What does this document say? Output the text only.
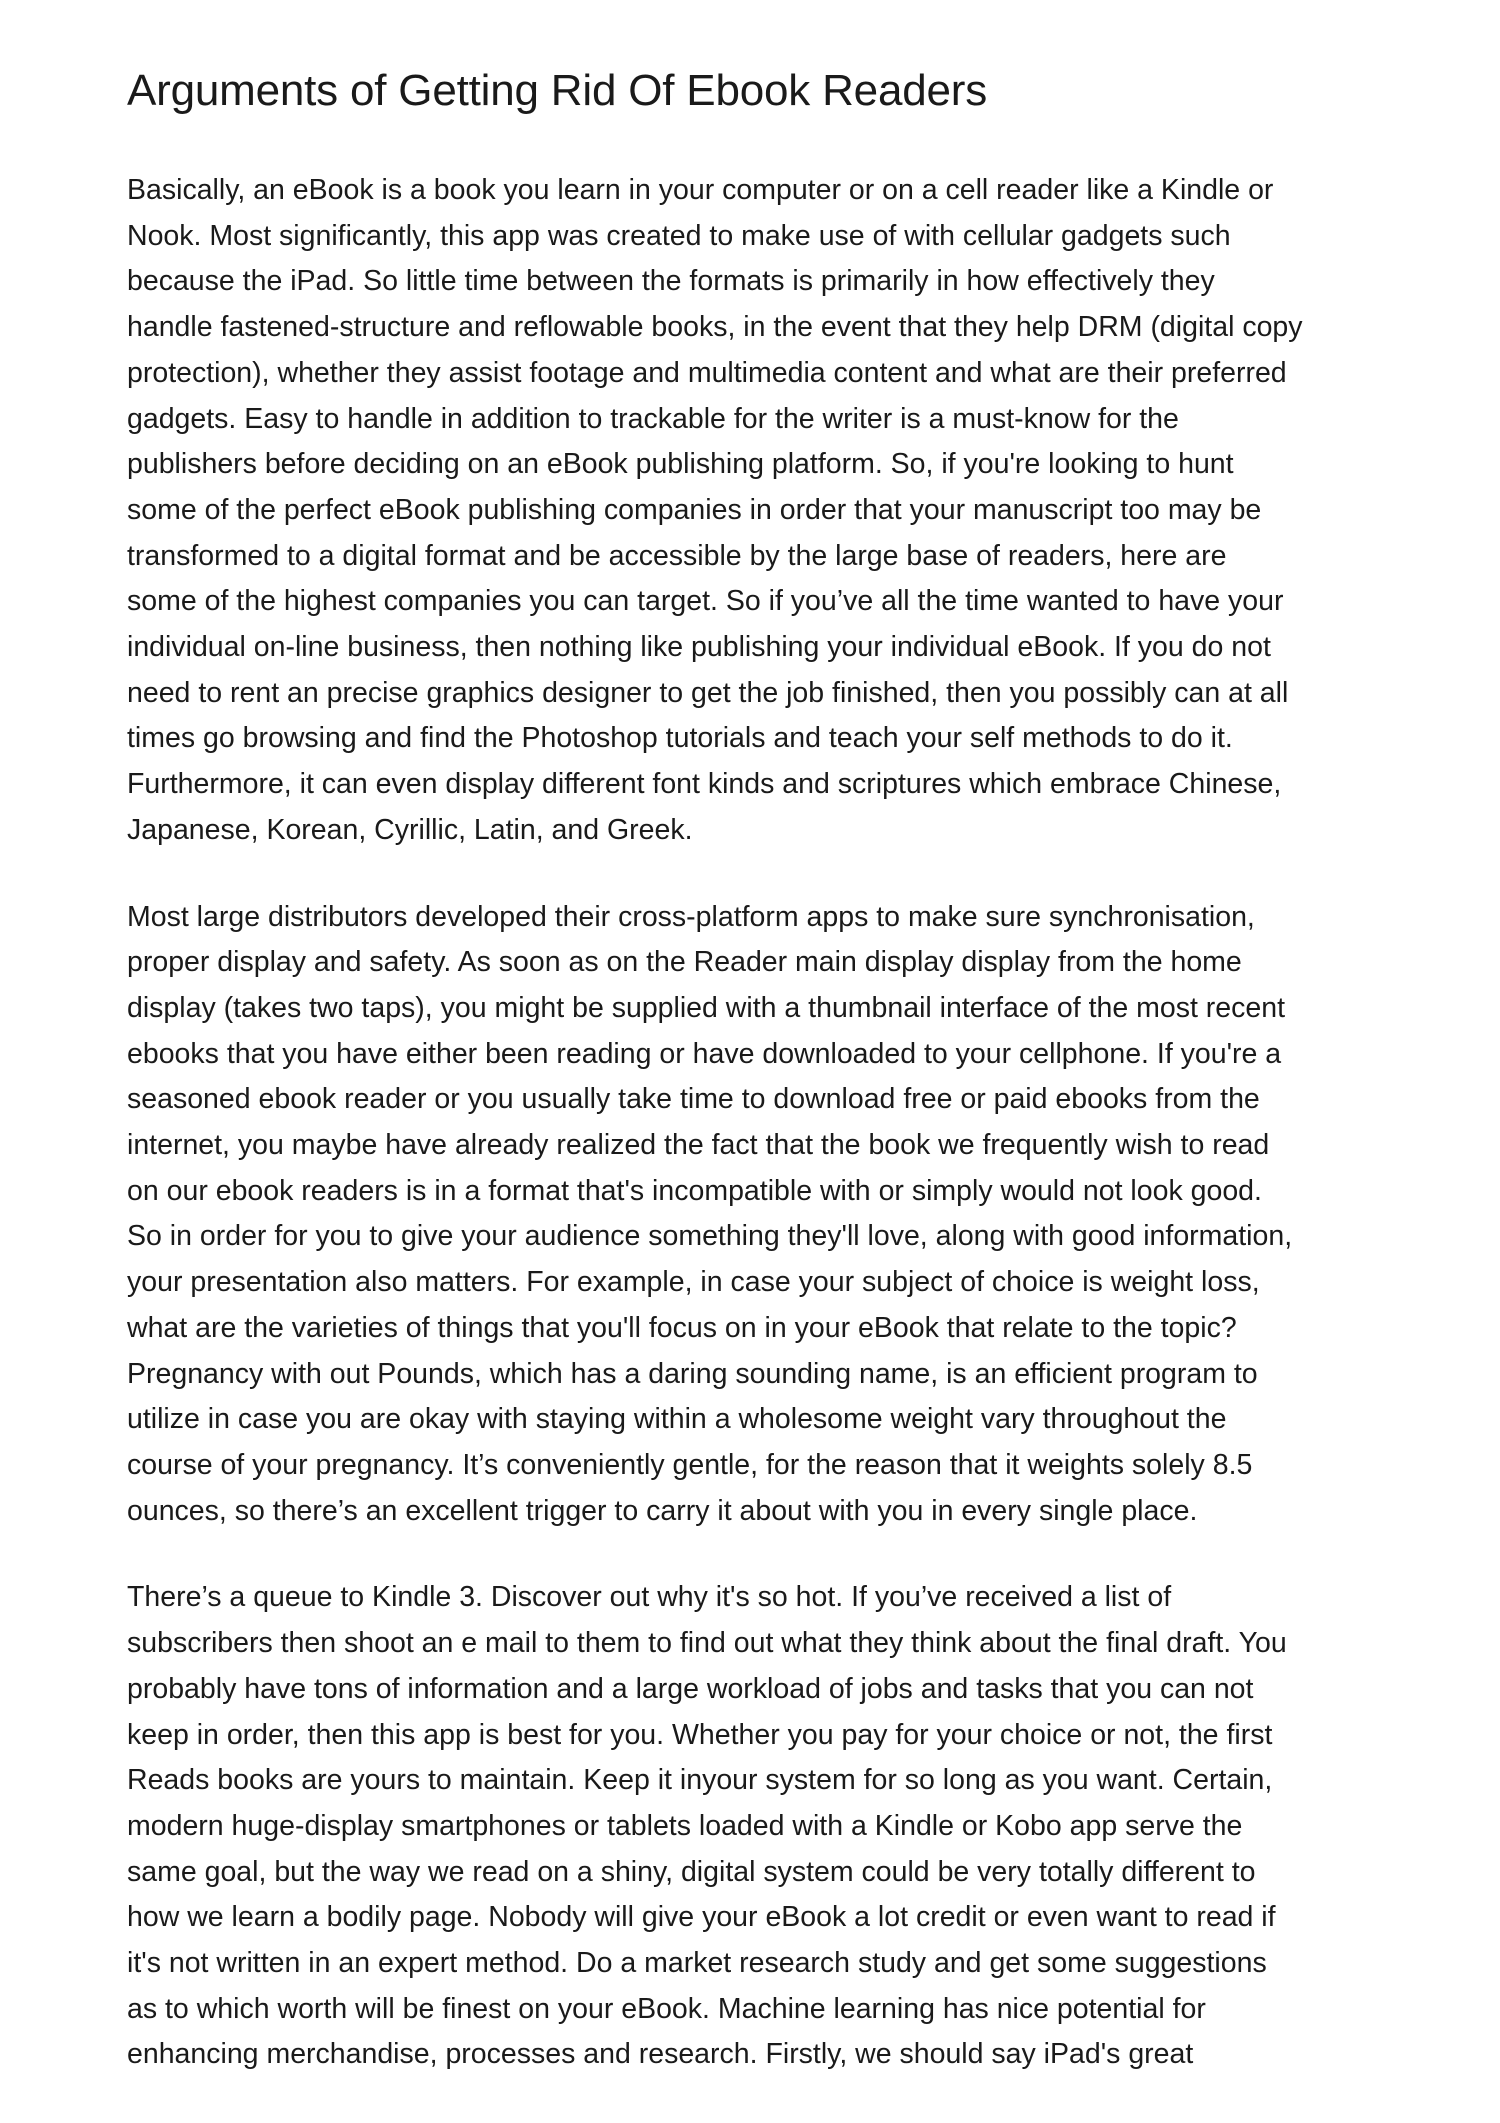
Arguments of Getting Rid Of Ebook Readers

Basically, an eBook is a book you learn in your computer or on a cell reader like a Kindle or
Nook. Most significantly, this app was created to make use of with cellular gadgets such
because the iPad. So little time between the formats is primarily in how effectively they
handle fastened-structure and reflowable books, in the event that they help DRM (digital copy
protection), whether they assist footage and multimedia content and what are their preferred
gadgets. Easy to handle in addition to trackable for the writer is a must-know for the
publishers before deciding on an eBook publishing platform. So, if you're looking to hunt
some of the perfect eBook publishing companies in order that your manuscript too may be
transformed to a digital format and be accessible by the large base of readers, here are
some of the highest companies you can target. So if you’ve all the time wanted to have your
individual on-line business, then nothing like publishing your individual eBook. If you do not
need to rent an precise graphics designer to get the job finished, then you possibly can at all
times go browsing and find the Photoshop tutorials and teach your self methods to do it.
Furthermore, it can even display different font kinds and scriptures which embrace Chinese,
Japanese, Korean, Cyrillic, Latin, and Greek.

Most large distributors developed their cross-platform apps to make sure synchronisation,
proper display and safety. As soon as on the Reader main display display from the home
display (takes two taps), you might be supplied with a thumbnail interface of the most recent
ebooks that you have either been reading or have downloaded to your cellphone. If you're a
seasoned ebook reader or you usually take time to download free or paid ebooks from the
internet, you maybe have already realized the fact that the book we frequently wish to read
on our ebook readers is in a format that's incompatible with or simply would not look good.
So in order for you to give your audience something they'll love, along with good information,
your presentation also matters. For example, in case your subject of choice is weight loss,
what are the varieties of things that you'll focus on in your eBook that relate to the topic?
Pregnancy with out Pounds, which has a daring sounding name, is an efficient program to
utilize in case you are okay with staying within a wholesome weight vary throughout the
course of your pregnancy. It’s conveniently gentle, for the reason that it weights solely 8.5
ounces, so there’s an excellent trigger to carry it about with you in every single place.

There’s a queue to Kindle 3. Discover out why it's so hot. If you’ve received a list of
subscribers then shoot an e mail to them to find out what they think about the final draft. You
probably have tons of information and a large workload of jobs and tasks that you can not
keep in order, then this app is best for you. Whether you pay for your choice or not, the first
Reads books are yours to maintain. Keep it inyour system for so long as you want. Certain,
modern huge-display smartphones or tablets loaded with a Kindle or Kobo app serve the
same goal, but the way we read on a shiny, digital system could be very totally different to
how we learn a bodily page. Nobody will give your eBook a lot credit or even want to read if
it's not written in an expert method. Do a market research study and get some suggestions
as to which worth will be finest on your eBook. Machine learning has nice potential for
enhancing merchandise, processes and research. Firstly, we should say iPad's great
